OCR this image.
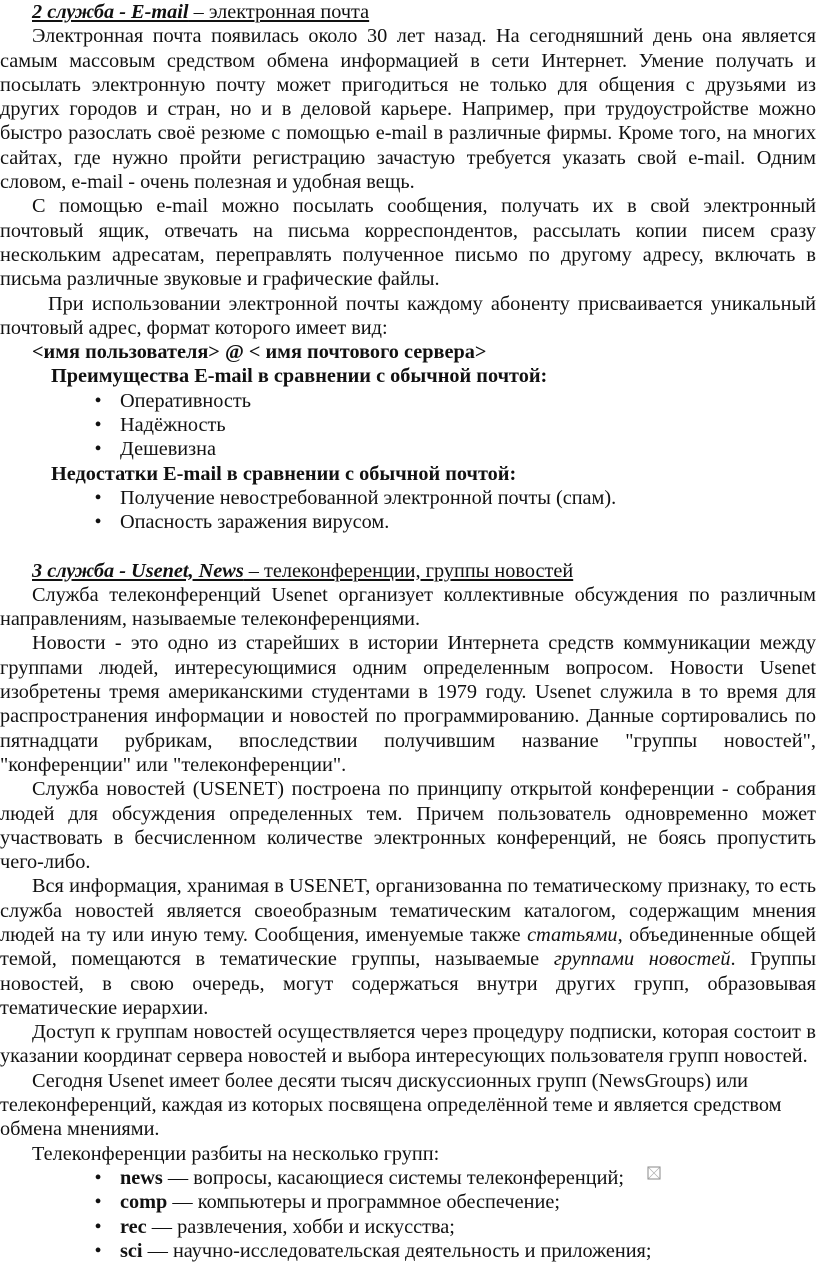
2 служба - E-mail – электронная почта

Электронная почта появилась около 30 лет назад. На сегодняшний день она является самым массовым средством обмена информацией в сети Интернет. Умение получать и посылать электронную почту может пригодиться не только для общения с друзьями из других городов и стран, но и в деловой карьере. Например, при трудоустройстве можно быстро разослать своё резюме с помощью e-mail в различные фирмы. Кроме того, на многих сайтах, где нужно пройти регистрацию зачастую требуется указать свой e-mail. Одним словом, e-mail - очень полезная и удобная вещь.

С помощью e-mail можно посылать сообщения, получать их в свой электронный почтовый ящик, отвечать на письма корреспондентов, рассылать копии писем сразу нескольким адресатам, переправлять полученное письмо по другому адресу, включать в письма различные звуковые и графические файлы.

При использовании электронной почты каждому абоненту присваивается уникальный почтовый адрес, формат которого имеет вид:

<имя пользователя> @ < имя почтового сервера>

Преимущества E-mail в сравнении с обычной почтой:

• Оперативность
• Надёжность
• Дешевизна

Недостатки E-mail в сравнении с обычной почтой:

• Получение невостребованной электронной почты (спам).
• Опасность заражения вирусом.

3 служба - Usenet, News – телеконференции, группы новостей

Служба телеконференций Usenet организует коллективные обсуждения по различным направлениям, называемые телеконференциями.

Новости - это одно из старейших в истории Интернета средств коммуникации между группами людей, интересующимися одним определенным вопросом. Новости Usenet изобретены тремя американскими студентами в 1979 году. Usenet служила в то время для распространения информации и новостей по программированию. Данные сортировались по пятнадцати рубрикам, впоследствии получившим название "группы новостей", "конференции" или "телеконференции".

Служба новостей (USENET) построена по принципу открытой конференции - собрания людей для обсуждения определенных тем. Причем пользователь одновременно может участвовать в бесчисленном количестве электронных конференций, не боясь пропустить чего-либо.

Вся информация, хранимая в USENET, организованна по тематическому признаку, то есть служба новостей является своеобразным тематическим каталогом, содержащим мнения людей на ту или иную тему. Сообщения, именуемые также статьями, объединенные общей темой, помещаются в тематические группы, называемые группами новостей. Группы новостей, в свою очередь, могут содержаться внутри других групп, образовывая тематические иерархии.

Доступ к группам новостей осуществляется через процедуру подписки, которая состоит в указании координат сервера новостей и выбора интересующих пользователя групп новостей.

Сегодня Usenet имеет более десяти тысяч дискуссионных групп (NewsGroups) или телеконференций, каждая из которых посвящена определённой теме и является средством обмена мнениями.

Телеконференции разбиты на несколько групп:

• news — вопросы, касающиеся системы телеконференций;
• comp — компьютеры и программное обеспечение;
• rec — развлечения, хобби и искусства;
• sci — научно-исследовательская деятельность и приложения;
